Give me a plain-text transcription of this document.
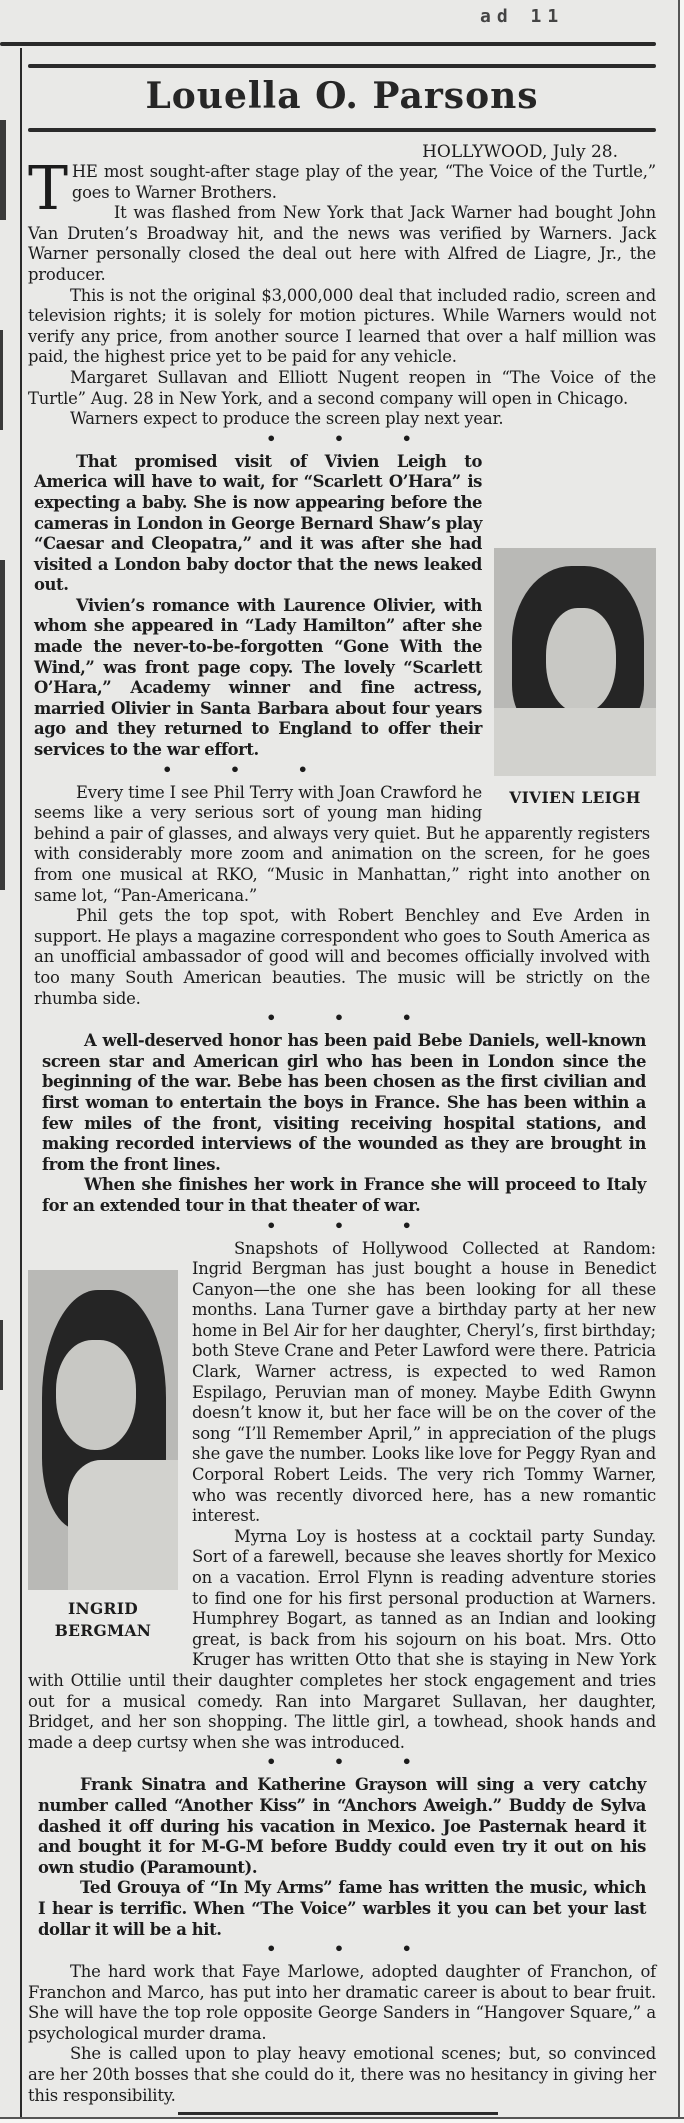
ad 11
Louella O. Parsons
HOLLYWOOD, July 28.

THE most sought-after stage play of the year, “The Voice of the Turtle,” goes to Warner Brothers.

It was flashed from New York that Jack Warner had bought John Van Druten’s Broadway hit, and the news was verified by Warners. Jack Warner personally closed the deal out here with Alfred de Liagre, Jr., the producer.

This is not the original $3,000,000 deal that included radio, screen and television rights; it is solely for motion pictures. While Warners would not verify any price, from another source I learned that over a half million was paid, the highest price yet to be paid for any vehicle.

Margaret Sullavan and Elliott Nugent reopen in “The Voice of the Turtle” Aug. 28 in New York, and a second company will open in Chicago.

Warners expect to produce the screen play next year.

• • •
VIVIEN LEIGH

That promised visit of Vivien Leigh to America will have to wait, for “Scarlett O’Hara” is expecting a baby. She is now appearing before the cameras in London in George Bernard Shaw’s play “Caesar and Cleopatra,” and it was after she had visited a London baby doctor that the news leaked out.

Vivien’s romance with Laurence Olivier, with whom she appeared in “Lady Hamilton” after she made the never-to-be-forgotten “Gone With the Wind,” was front page copy. The lovely “Scarlett O’Hara,” Academy winner and fine actress, married Olivier in Santa Barbara about four years ago and they returned to England to offer their services to the war effort.

• • •

Every time I see Phil Terry with Joan Crawford he seems like a very serious sort of young man hiding behind a pair of glasses, and always very quiet. But he apparently registers with considerably more zoom and animation on the screen, for he goes from one musical at RKO, “Music in Manhattan,” right into another on same lot, “Pan-Americana.”

Phil gets the top spot, with Robert Benchley and Eve Arden in support. He plays a magazine correspondent who goes to South America as an unofficial ambassador of good will and becomes officially involved with too many South American beauties. The music will be strictly on the rhumba side.

• • •

A well-deserved honor has been paid Bebe Daniels, well-known screen star and American girl who has been in London since the beginning of the war. Bebe has been chosen as the first civilian and first woman to entertain the boys in France. She has been within a few miles of the front, visiting receiving hospital stations, and making recorded interviews of the wounded as they are brought in from the front lines.

When she finishes her work in France she will proceed to Italy for an extended tour in that theater of war.

• • •

Snapshots of Hollywood Collected at Random: Ingrid Bergman has just bought a house in Benedict Canyon—the one she has been looking for all these months. Lana Turner gave a birthday party at her new home in Bel Air for her daughter, Cheryl’s, first birthday; both Steve Crane and Peter Lawford were there. Patricia Clark, Warner actress, is expected to wed Ramon Espilago, Peruvian man of money. Maybe Edith Gwynn doesn’t know it, but her face will be on the cover of the song “I’ll Remember April,” in appreciation of the plugs she gave the number. Looks like love for Peggy Ryan and Corporal Robert Leids. The very rich Tommy Warner, who was recently divorced here, has a new romantic interest.

Myrna Loy is hostess at a cocktail party Sunday. Sort of a farewell, because she leaves shortly for Mexico on a vacation. Errol Flynn is reading adventure stories to find one for his first personal production at Warners. Humphrey Bogart, as tanned as an Indian and looking great, is back from his sojourn on his boat. Mrs. Otto Kruger has written Otto that she is staying in New York with Ottilie until their daughter completes her stock engagement and tries out for a musical comedy. Ran into Margaret Sullavan, her daughter, Bridget, and her son shopping. The little girl, a towhead, shook hands and made a deep curtsy when she was introduced.

• • •

Frank Sinatra and Katherine Grayson will sing a very catchy number called “Another Kiss” in “Anchors Aweigh.” Buddy de Sylva dashed it off during his vacation in Mexico. Joe Pasternak heard it and bought it for M-G-M before Buddy could even try it out on his own studio (Paramount).

Ted Grouya of “In My Arms” fame has written the music, which I hear is terrific. When “The Voice” warbles it you can bet your last dollar it will be a hit.

• • •

The hard work that Faye Marlowe, adopted daughter of Franchon, of Franchon and Marco, has put into her dramatic career is about to bear fruit. She will have the top role opposite George Sanders in “Hangover Square,” a psychological murder drama.

She is called upon to play heavy emotional scenes; but, so convinced are her 20th bosses that she could do it, there was no hesitancy in giving her this responsibility.

INGRID
BERGMAN
